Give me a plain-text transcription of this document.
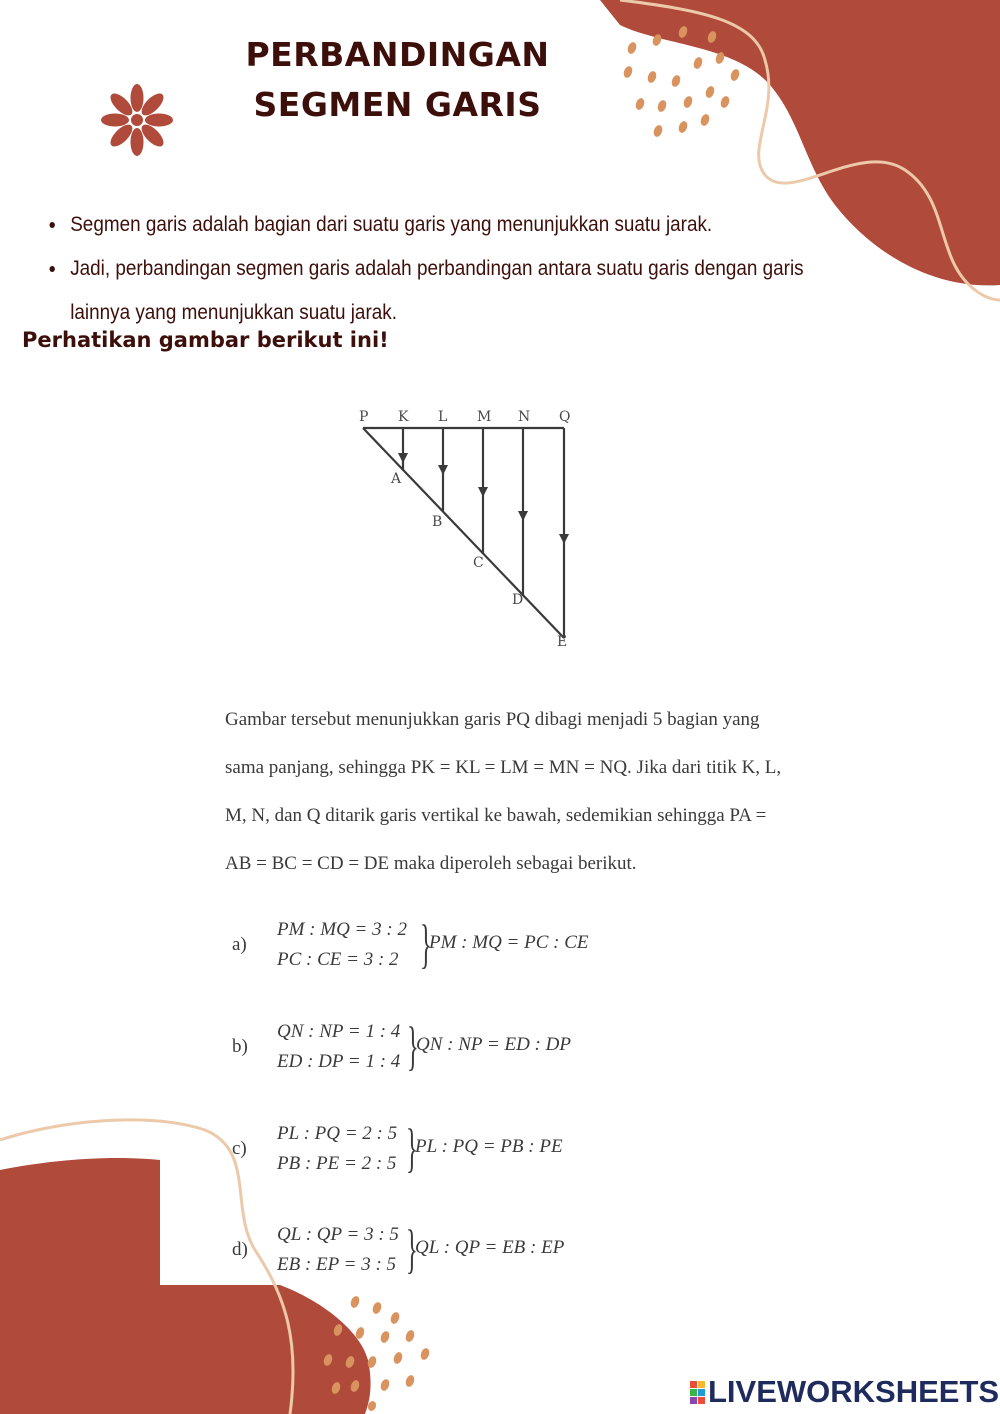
PERBANDINGAN
SEGMEN GARIS
• Segmen garis adalah bagian dari suatu garis yang menunjukkan suatu jarak.
• Jadi, perbandingan segmen garis adalah perbandingan antara suatu garis dengan garis lainnya yang menunjukkan suatu jarak.
Perhatikan gambar berikut ini!
P K L M N Q
A
B
C
D
E
Gambar tersebut menunjukkan garis PQ dibagi menjadi 5 bagian yang
sama panjang, sehingga PK = KL = LM = MN = NQ. Jika dari titik K, L,
M, N, dan Q ditarik garis vertikal ke bawah, sedemikian sehingga PA =
AB = BC = CD = DE maka diperoleh sebagai berikut.
a)
PM : MQ = 3 : 2
PC : CE = 3 : 2 }
PM : MQ = PC : CE
b)
QN : NP = 1 : 4
ED : DP = 1 : 4 }
QN : NP = ED : DP
c)
PL : PQ = 2 : 5
PB : PE = 2 : 5 }
PL : PQ = PB : PE
d)
QL : QP = 3 : 5
EB : EP = 3 : 5 }
QL : QP = EB : EP
LIVEWORKSHEETS
